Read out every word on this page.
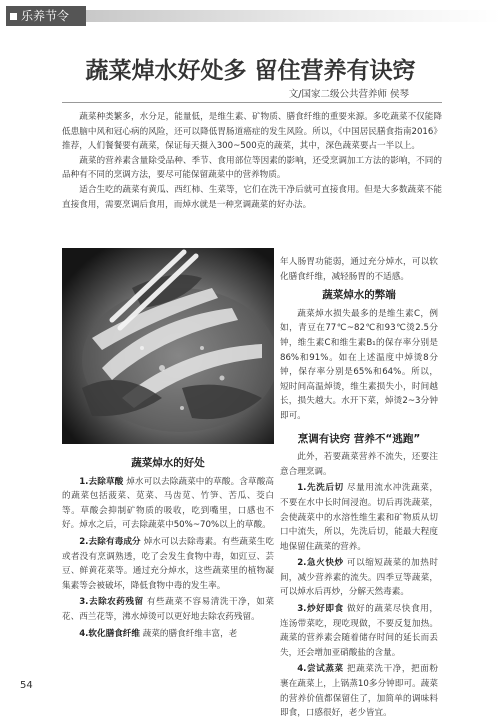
乐养节令
蔬菜焯水好处多 留住营养有诀窍
文/国家二级公共营养师 侯琴

蔬菜种类繁多，水分足，能量低，是维生素、矿物质、膳食纤维的重要来源。多吃蔬菜不仅能降低患脑中风和冠心病的风险，还可以降低胃肠道癌症的发生风险。所以，《中国居民膳食指南2016》推荐，人们餐餐要有蔬菜，保证每天摄入300~500克的蔬菜，其中，深色蔬菜要占一半以上。

蔬菜的营养素含量除受品种、季节、食用部位等因素的影响，还受烹调加工方法的影响，不同的品种有不同的烹调方法，要尽可能保留蔬菜中的营养物质。

适合生吃的蔬菜有黄瓜、西红柿、生菜等，它们在洗干净后就可直接食用。但是大多数蔬菜不能直接食用，需要烹调后食用，而焯水就是一种烹调蔬菜的好办法。

年人肠胃功能弱，通过充分焯水，可以软化膳食纤维，减轻肠胃的不适感。

蔬菜焯水的弊端

蔬菜焯水损失最多的是维生素C，例如，青豆在77℃~82℃和93℃烫2.5分钟，维生素C和维生素B₁的保存率分别是86%和91%。如在上述温度中焯烫8分钟，保存率分别是65%和64%。所以，短时间高温焯烫，维生素损失小，时间越长，损失越大。水开下菜，焯烫2~3分钟即可。

烹调有诀窍 营养不“逃跑”

此外，若要蔬菜营养不流失，还要注意合理烹调。

1.先洗后切 尽量用流水冲洗蔬菜，不要在水中长时间浸泡。切后再洗蔬菜，会使蔬菜中的水溶性维生素和矿物质从切口中流失，所以，先洗后切，能最大程度地保留住蔬菜的营养。

2.急火快炒 可以缩短蔬菜的加热时间，减少营养素的流失。四季豆等蔬菜，可以焯水后再炒，分解天然毒素。

3.炒好即食 做好的蔬菜尽快食用，连汤带菜吃，现吃现做，不要反复加热。蔬菜的营养素会随着储存时间的延长而丢失，还会增加亚硝酸盐的含量。

4.尝试蒸菜 把蔬菜洗干净，把面粉裹在蔬菜上，上锅蒸10多分钟即可。蔬菜的营养价值都保留住了，加简单的调味料即食，口感很好，老少皆宜。

蔬菜焯水的好处

1.去除草酸 焯水可以去除蔬菜中的草酸。含草酸高的蔬菜包括菠菜、苋菜、马齿苋、竹笋、苦瓜、茭白等。草酸会抑制矿物质的吸收，吃到嘴里，口感也不好。焯水之后，可去除蔬菜中50%~70%以上的草酸。

2.去除有毒成分 焯水可以去除毒素。有些蔬菜生吃或者没有烹调熟透，吃了会发生食物中毒，如豇豆、芸豆、鲜黄花菜等。通过充分焯水，这些蔬菜里的植物凝集素等会被破坏，降低食物中毒的发生率。

3.去除农药残留 有些蔬菜不容易清洗干净，如菜花、西兰花等，沸水焯烫可以更好地去除农药残留。

4.软化膳食纤维 蔬菜的膳食纤维丰富，老

54
